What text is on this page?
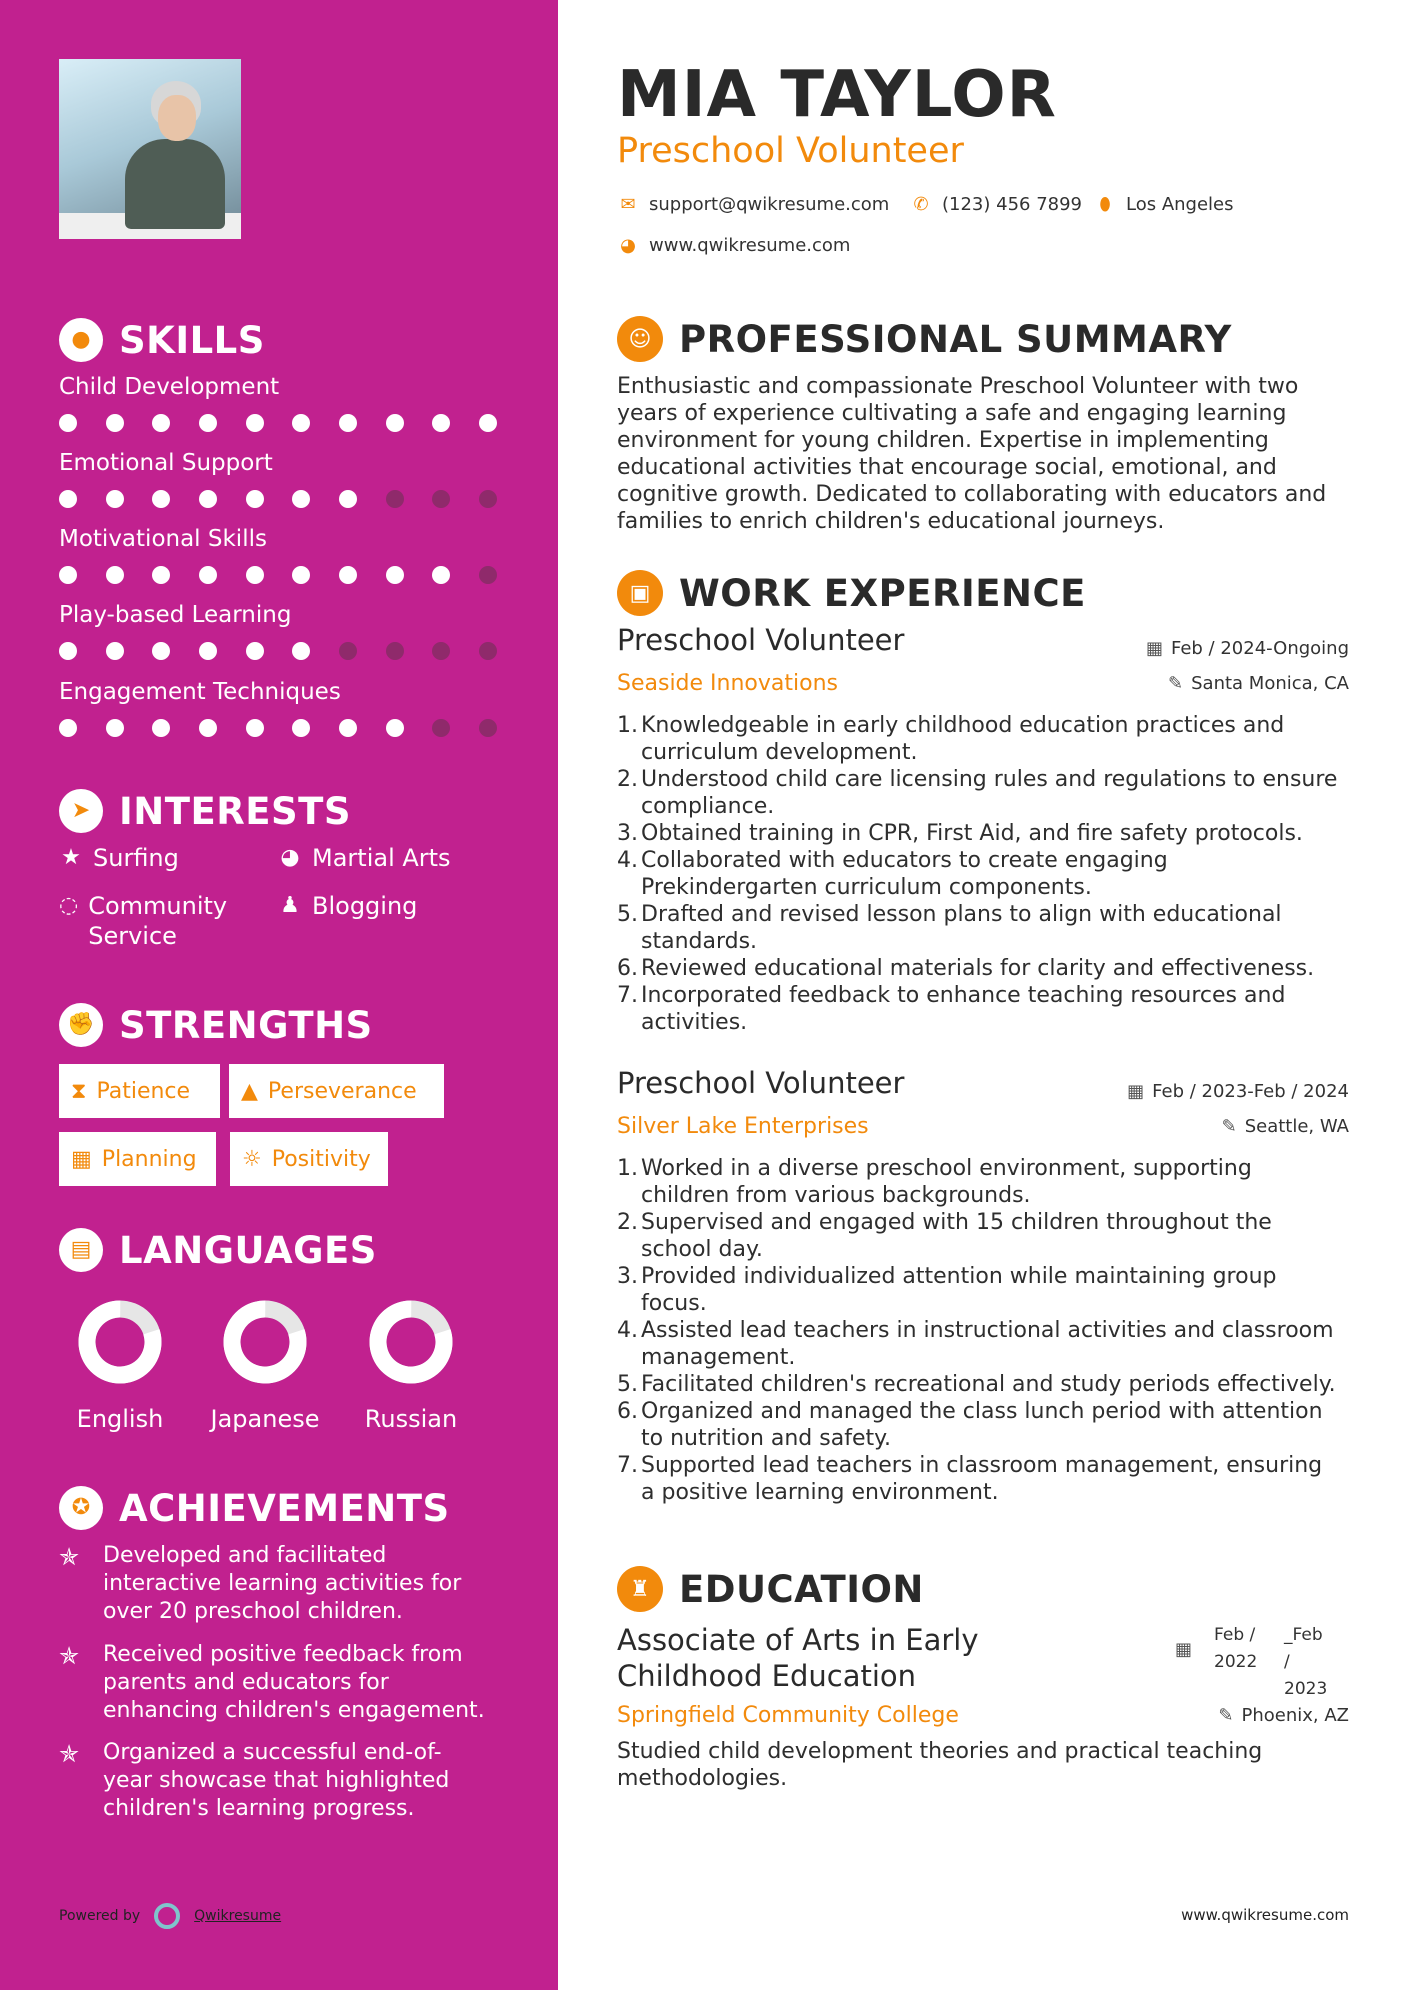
● SKILLS
Child Development
Emotional Support
Motivational Skills
Play-based Learning
Engagement Techniques
➤ INTERESTS
★ Surfing	◕ Martial Arts
◌ Community Service
♟ Blogging
✊ STRENGTHS
⧗ Patience ▲ Perseverance
▦ Planning ☼ Positivity
▤ LANGUAGES
English	Japanese	Russian
✪ ACHIEVEMENTS
✯	Developed and facilitated
interactive learning activities for
over 20 preschool children.
✯	Received positive feedback from
parents and educators for
enhancing children's engagement.
✯	Organized a successful end-of-
year showcase that highlighted
children's learning progress.
Powered by	Qwikresume
MIA TAYLOR
Preschool Volunteer
✉ support@qwikresume.com ✆ (123) 456 7899 ⬮ Los Angeles
◕ www.qwikresume.com
☺ PROFESSIONAL SUMMARY
Enthusiastic and compassionate Preschool Volunteer with two
years of experience cultivating a safe and engaging learning
environment for young children. Expertise in implementing
educational activities that encourage social, emotional, and
cognitive growth. Dedicated to collaborating with educators and
families to enrich children's educational journeys.
▣ WORK EXPERIENCE
Preschool Volunteer
Seaside Innovations
▦ Feb / 2024-Ongoing
✎ Santa Monica, CA
1. Knowledgeable in early childhood education practices and
curriculum development.
2. Understood child care licensing rules and regulations to ensure
compliance.
3. Obtained training in CPR, First Aid, and fire safety protocols.
4. Collaborated with educators to create engaging
Prekindergarten curriculum components.
5. Drafted and revised lesson plans to align with educational
standards.
6. Reviewed educational materials for clarity and effectiveness.
7. Incorporated feedback to enhance teaching resources and
activities.
Preschool Volunteer
Silver Lake Enterprises
▦ Feb / 2023-Feb / 2024
✎ Seattle, WA
1. Worked in a diverse preschool environment, supporting
children from various backgrounds.
2. Supervised and engaged with 15 children throughout the
school day.
3. Provided individualized attention while maintaining group
focus.
4. Assisted lead teachers in instructional activities and classroom
management.
5. Facilitated children's recreational and study periods effectively.
6. Organized and managed the class lunch period with attention
to nutrition and safety.
7. Supported lead teachers in classroom management, ensuring
a positive learning environment.
♜ EDUCATION
Associate of Arts in Early
Childhood Education
▦
Feb /
2022
_Feb /
2023
Springfield Community College	✎ Phoenix, AZ
Studied child development theories and practical teaching
methodologies.
www.qwikresume.com
